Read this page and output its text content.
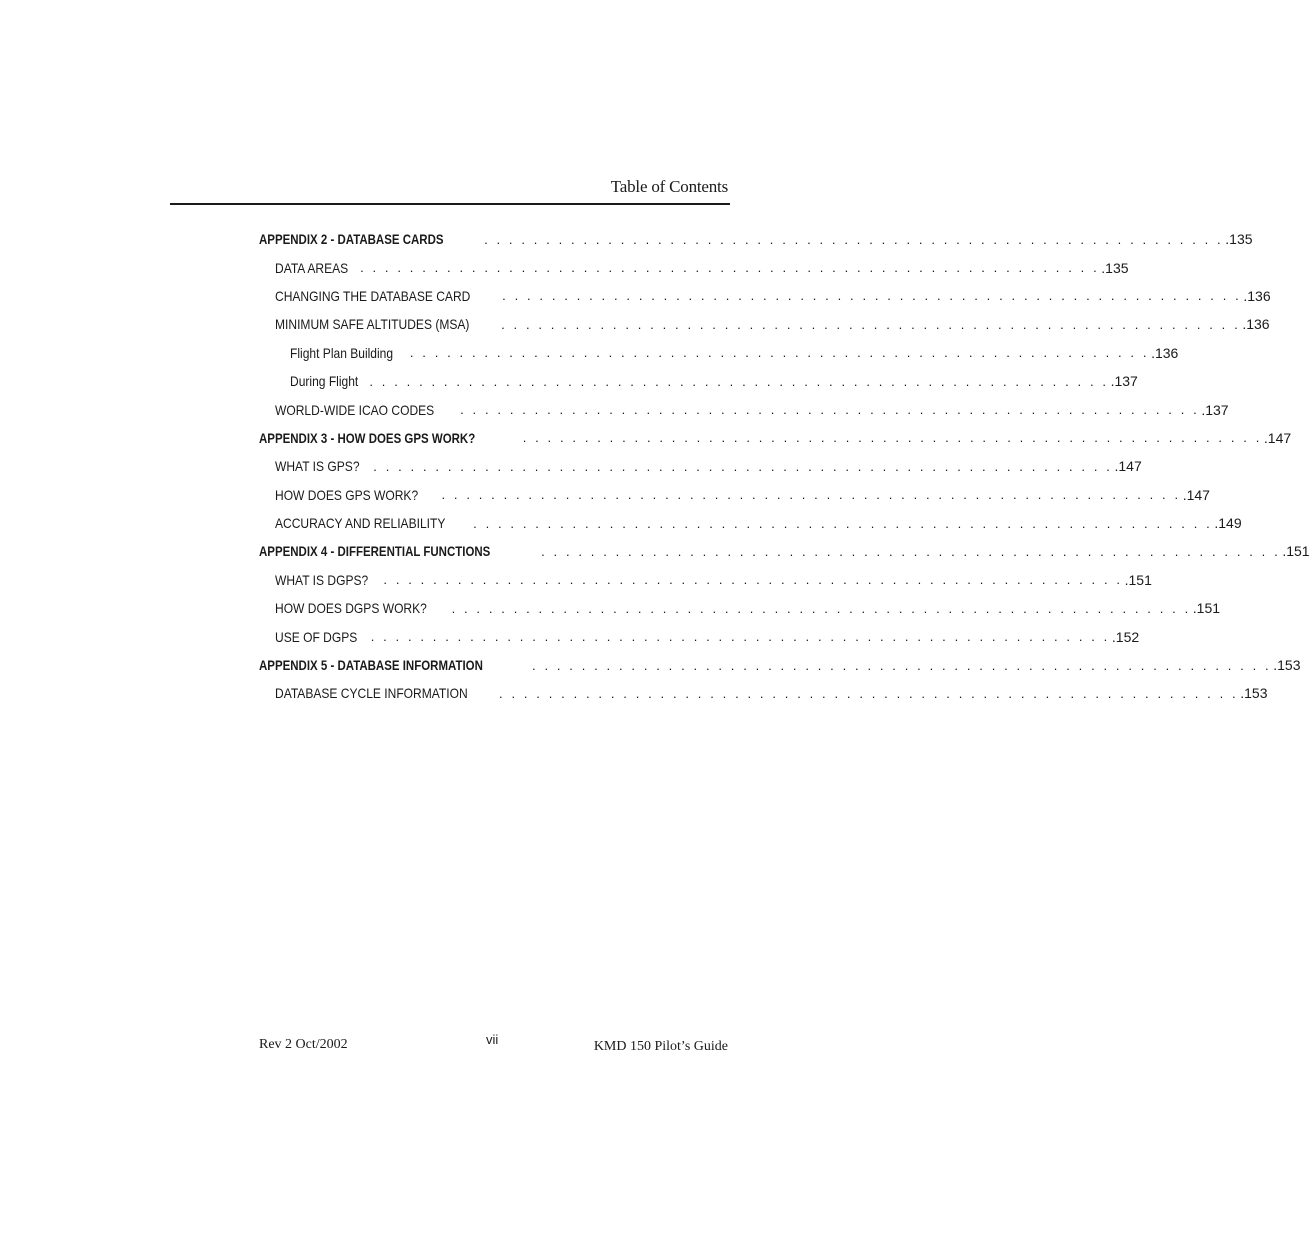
Table of Contents
APPENDIX 2 - DATABASE CARDS	. . . . . . . . . . . . . . . . . . . . . . . . . . . . . . . . . . . . . . . . . . . . . . . . . . . . . . . . . . . . .135
DATA AREAS . . . . . . . . . . . . . . . . . . . . . . . . . . . . . . . . . . . . . . . . . . . . . . . . . . . . . . . . . . . . .135
CHANGING THE DATABASE CARD . . . . . . . . . . . . . . . . . . . . . . . . . . . . . . . . . . . . . . . . . . . . . . . . . . . . . . . . . . . . .136
MINIMUM SAFE ALTITUDES (MSA) . . . . . . . . . . . . . . . . . . . . . . . . . . . . . . . . . . . . . . . . . . . . . . . . . . . . . . . . . . . . .136
Flight Plan Building . . . . . . . . . . . . . . . . . . . . . . . . . . . . . . . . . . . . . . . . . . . . . . . . . . . . . . . . . . . . .136
During Flight . . . . . . . . . . . . . . . . . . . . . . . . . . . . . . . . . . . . . . . . . . . . . . . . . . . . . . . . . . . . .137
WORLD-WIDE ICAO CODES . . . . . . . . . . . . . . . . . . . . . . . . . . . . . . . . . . . . . . . . . . . . . . . . . . . . . . . . . . . . .137
APPENDIX 3 - HOW DOES GPS WORK?	. . . . . . . . . . . . . . . . . . . . . . . . . . . . . . . . . . . . . . . . . . . . . . . . . . . . . . . . . . . . .147
WHAT IS GPS? . . . . . . . . . . . . . . . . . . . . . . . . . . . . . . . . . . . . . . . . . . . . . . . . . . . . . . . . . . . . .147
HOW DOES GPS WORK? . . . . . . . . . . . . . . . . . . . . . . . . . . . . . . . . . . . . . . . . . . . . . . . . . . . . . . . . . . . . .147
ACCURACY AND RELIABILITY . . . . . . . . . . . . . . . . . . . . . . . . . . . . . . . . . . . . . . . . . . . . . . . . . . . . . . . . . . . . .149
APPENDIX 4 - DIFFERENTIAL FUNCTIONS	. . . . . . . . . . . . . . . . . . . . . . . . . . . . . . . . . . . . . . . . . . . . . . . . . . . . . . . . . . . . .151
WHAT IS DGPS? . . . . . . . . . . . . . . . . . . . . . . . . . . . . . . . . . . . . . . . . . . . . . . . . . . . . . . . . . . . . .151
HOW DOES DGPS WORK? . . . . . . . . . . . . . . . . . . . . . . . . . . . . . . . . . . . . . . . . . . . . . . . . . . . . . . . . . . . . .151
USE OF DGPS . . . . . . . . . . . . . . . . . . . . . . . . . . . . . . . . . . . . . . . . . . . . . . . . . . . . . . . . . . . . .152
APPENDIX 5 - DATABASE INFORMATION	. . . . . . . . . . . . . . . . . . . . . . . . . . . . . . . . . . . . . . . . . . . . . . . . . . . . . . . . . . . . .153
DATABASE CYCLE INFORMATION . . . . . . . . . . . . . . . . . . . . . . . . . . . . . . . . . . . . . . . . . . . . . . . . . . . . . . . . . . . . .153
Rev 2 Oct/2002	vii	KMD 150 Pilot’s Guide
